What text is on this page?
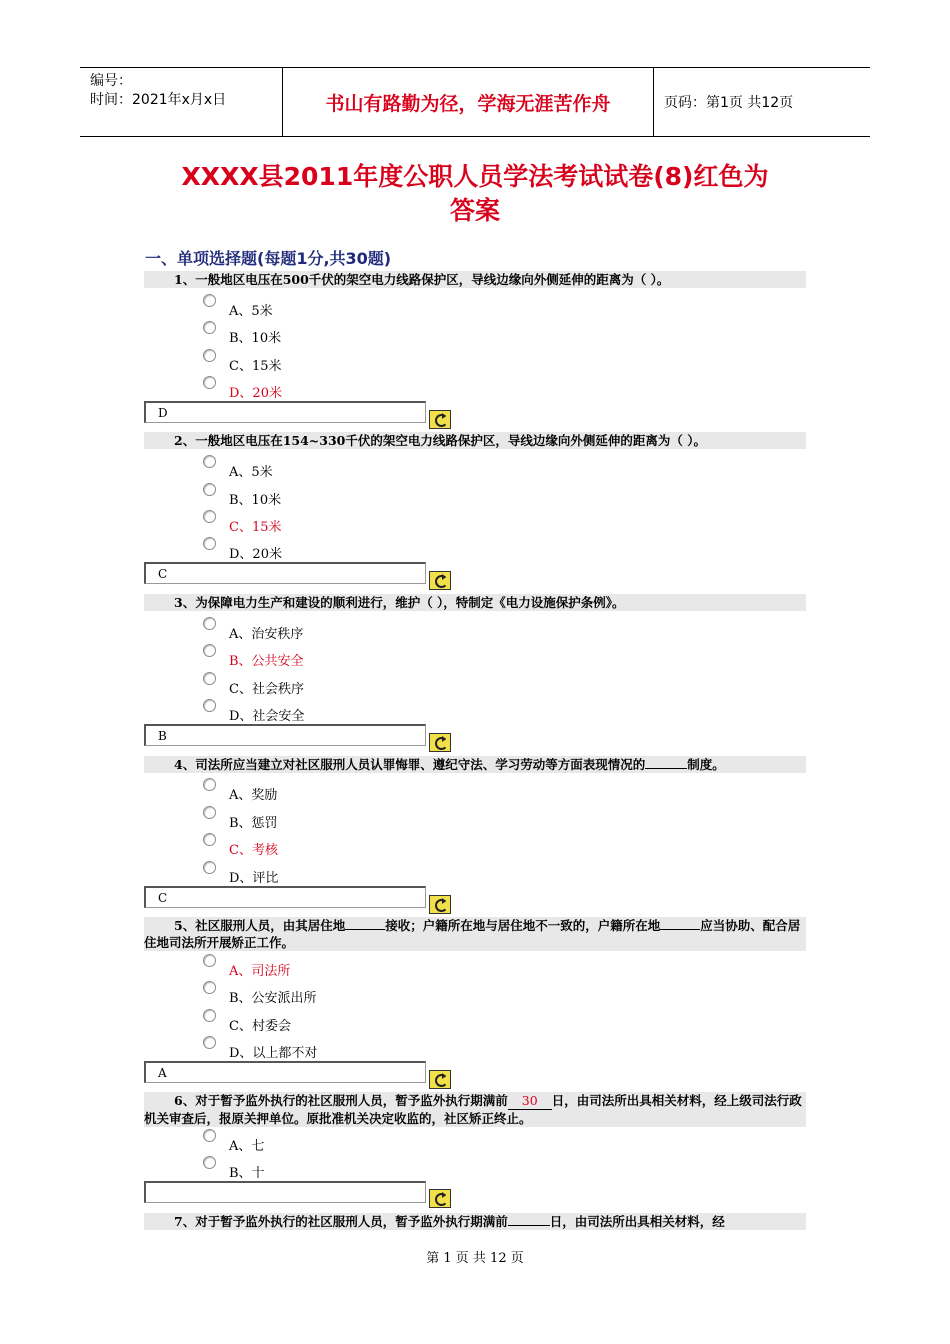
编号：
时间：2021年x月x日	书山有路勤为径，学海无涯苦作舟	页码：第1页 共12页
XXXX县2011年度公职人员学法考试试卷(8)红色为
答案
一、单项选择题(每题1分,共30题)
1、一般地区电压在500千伏的架空电力线路保护区，导线边缘向外侧延伸的距离为（ ）。
A、5米
B、10米
C、15米
D、20米
D
2、一般地区电压在154~330千伏的架空电力线路保护区，导线边缘向外侧延伸的距离为（ ）。
A、5米
B、10米
C、15米
D、20米
C
3、为保障电力生产和建设的顺利进行，维护（ ），特制定《电力设施保护条例》。
A、治安秩序
B、公共安全
C、社会秩序
D、社会安全
B
4、司法所应当建立对社区服刑人员认罪悔罪、遵纪守法、学习劳动等方面表现情况的	制度。
A、奖励
B、惩罚
C、考核
D、评比
C
5、社区服刑人员，由其居住地	接收；户籍所在地与居住地不一致的，户籍所在地	应当协助、配合居住地司法所开展矫正工作。
A、司法所
B、公安派出所
C、村委会
D、以上都不对
A
6、对于暂予监外执行的社区服刑人员，暂予监外执行期满前 30 日，由司法所出具相关材料，经上级司法行政机关审查后，报原关押单位。原批准机关决定收监的，社区矫正终止。
A、七
B、十
7、对于暂予监外执行的社区服刑人员，暂予监外执行期满前	日，由司法所出具相关材料，经
第 1 页 共 12 页
